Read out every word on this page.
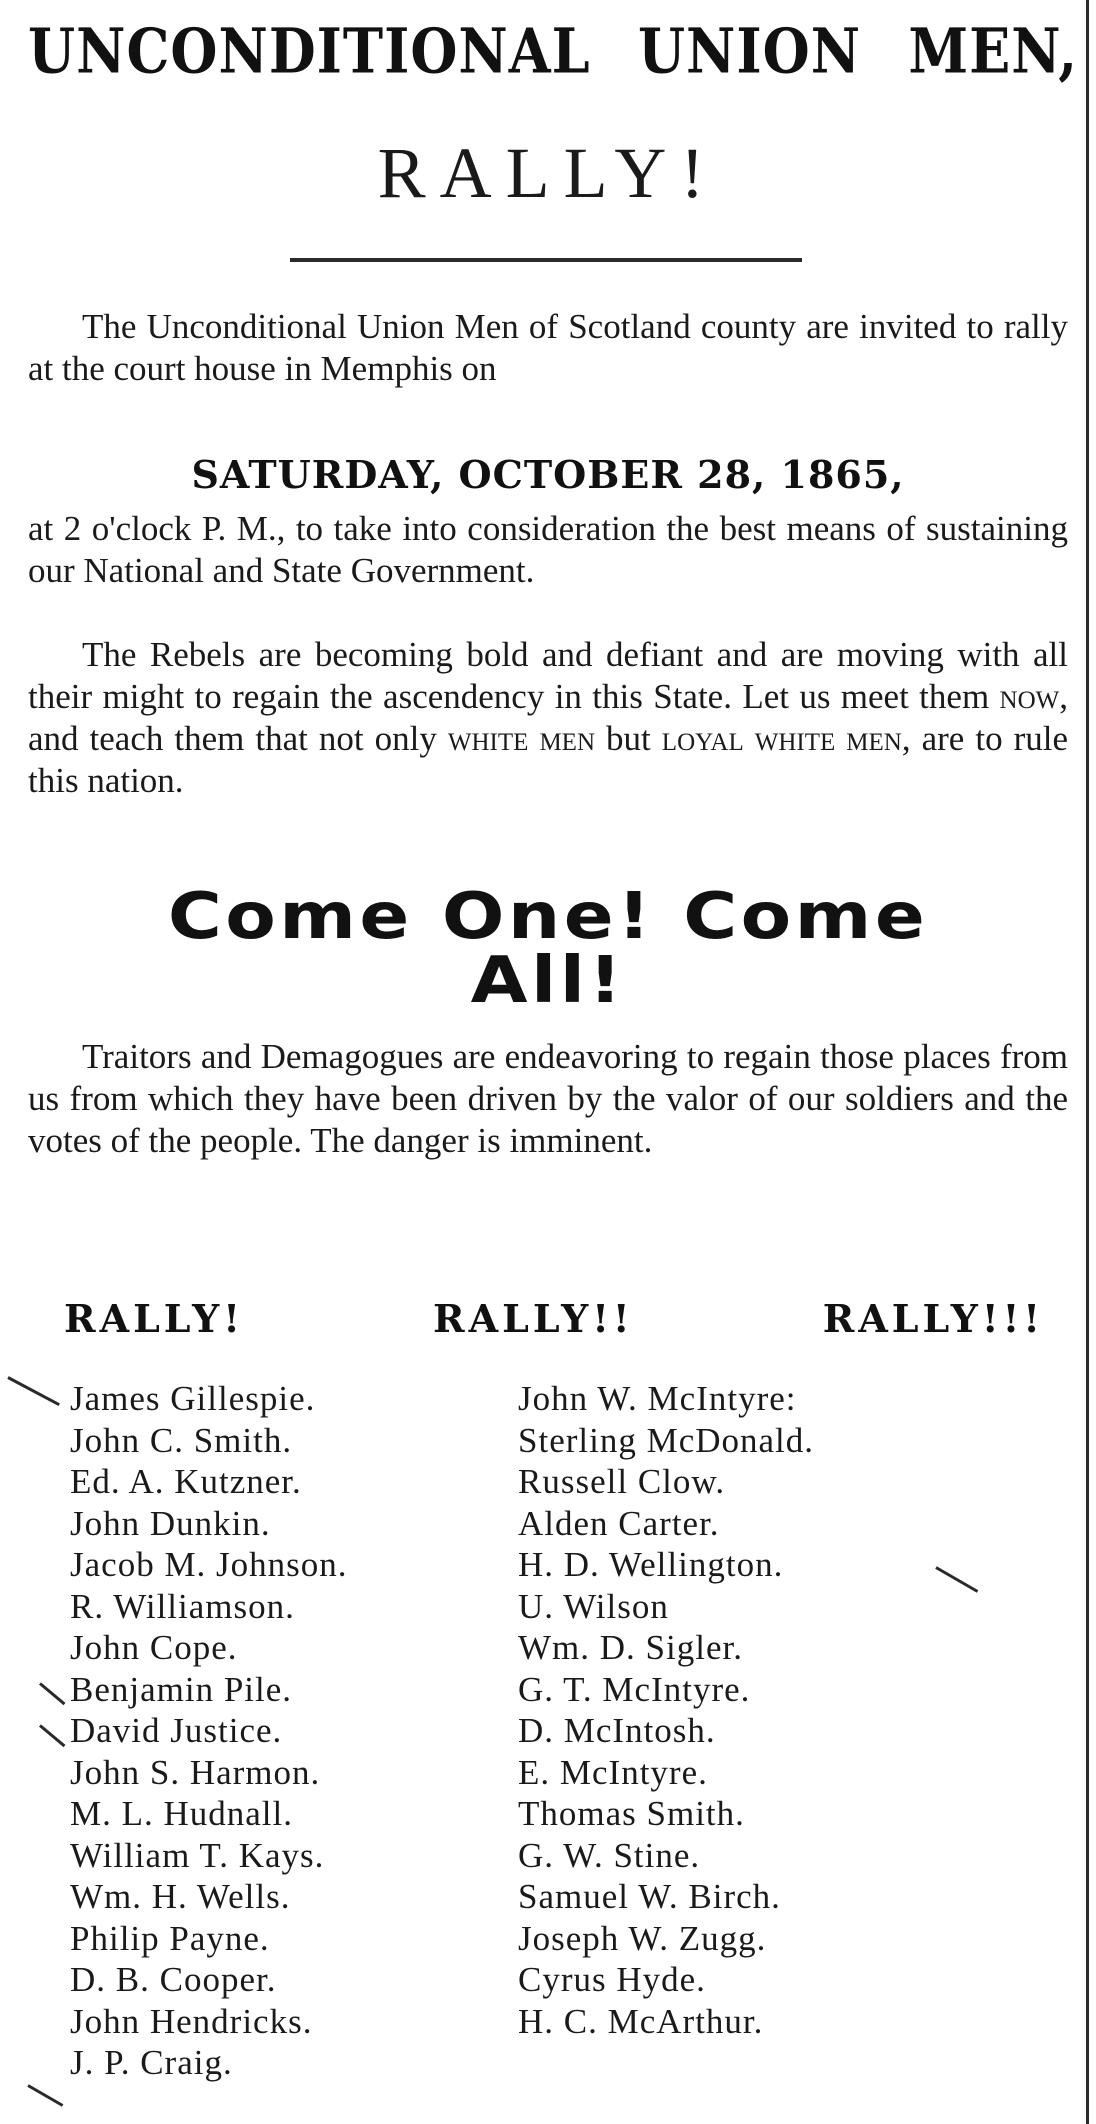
UNCONDITIONAL UNION MEN,
RALLY!

The Unconditional Union Men of Scotland county are invited to rally at the court house in Memphis on

SATURDAY, OCTOBER 28, 1865,

at 2 o'clock P. M., to take into consideration the best means of sustaining our National and State Government.

The Rebels are becoming bold and defiant and are moving with all their might to regain the ascendency in this State. Let us meet them now, and teach them that not only white men but loyal white men, are to rule this nation.

Come One! Come
All!

Traitors and Demagogues are endeavoring to regain those places from us from which they have been driven by the valor of our soldiers and the votes of the people. The danger is imminent.

RALLY!	RALLY!!	RALLY!!!
James Gillespie.
John C. Smith.
Ed. A. Kutzner.
John Dunkin.
Jacob M. Johnson.
R. Williamson.
John Cope.
Benjamin Pile.
David Justice.
John S. Harmon.
M. L. Hudnall.
William T. Kays.
Wm. H. Wells.
Philip Payne.
D. B. Cooper.
John Hendricks.
J. P. Craig.
John W. McIntyre:
Sterling McDonald.
Russell Clow.
Alden Carter.
H. D. Wellington.
U. Wilson
Wm. D. Sigler.
G. T. McIntyre.
D. McIntosh.
E. McIntyre.
Thomas Smith.
G. W. Stine.
Samuel W. Birch.
Joseph W. Zugg.
Cyrus Hyde.
H. C. McArthur.
